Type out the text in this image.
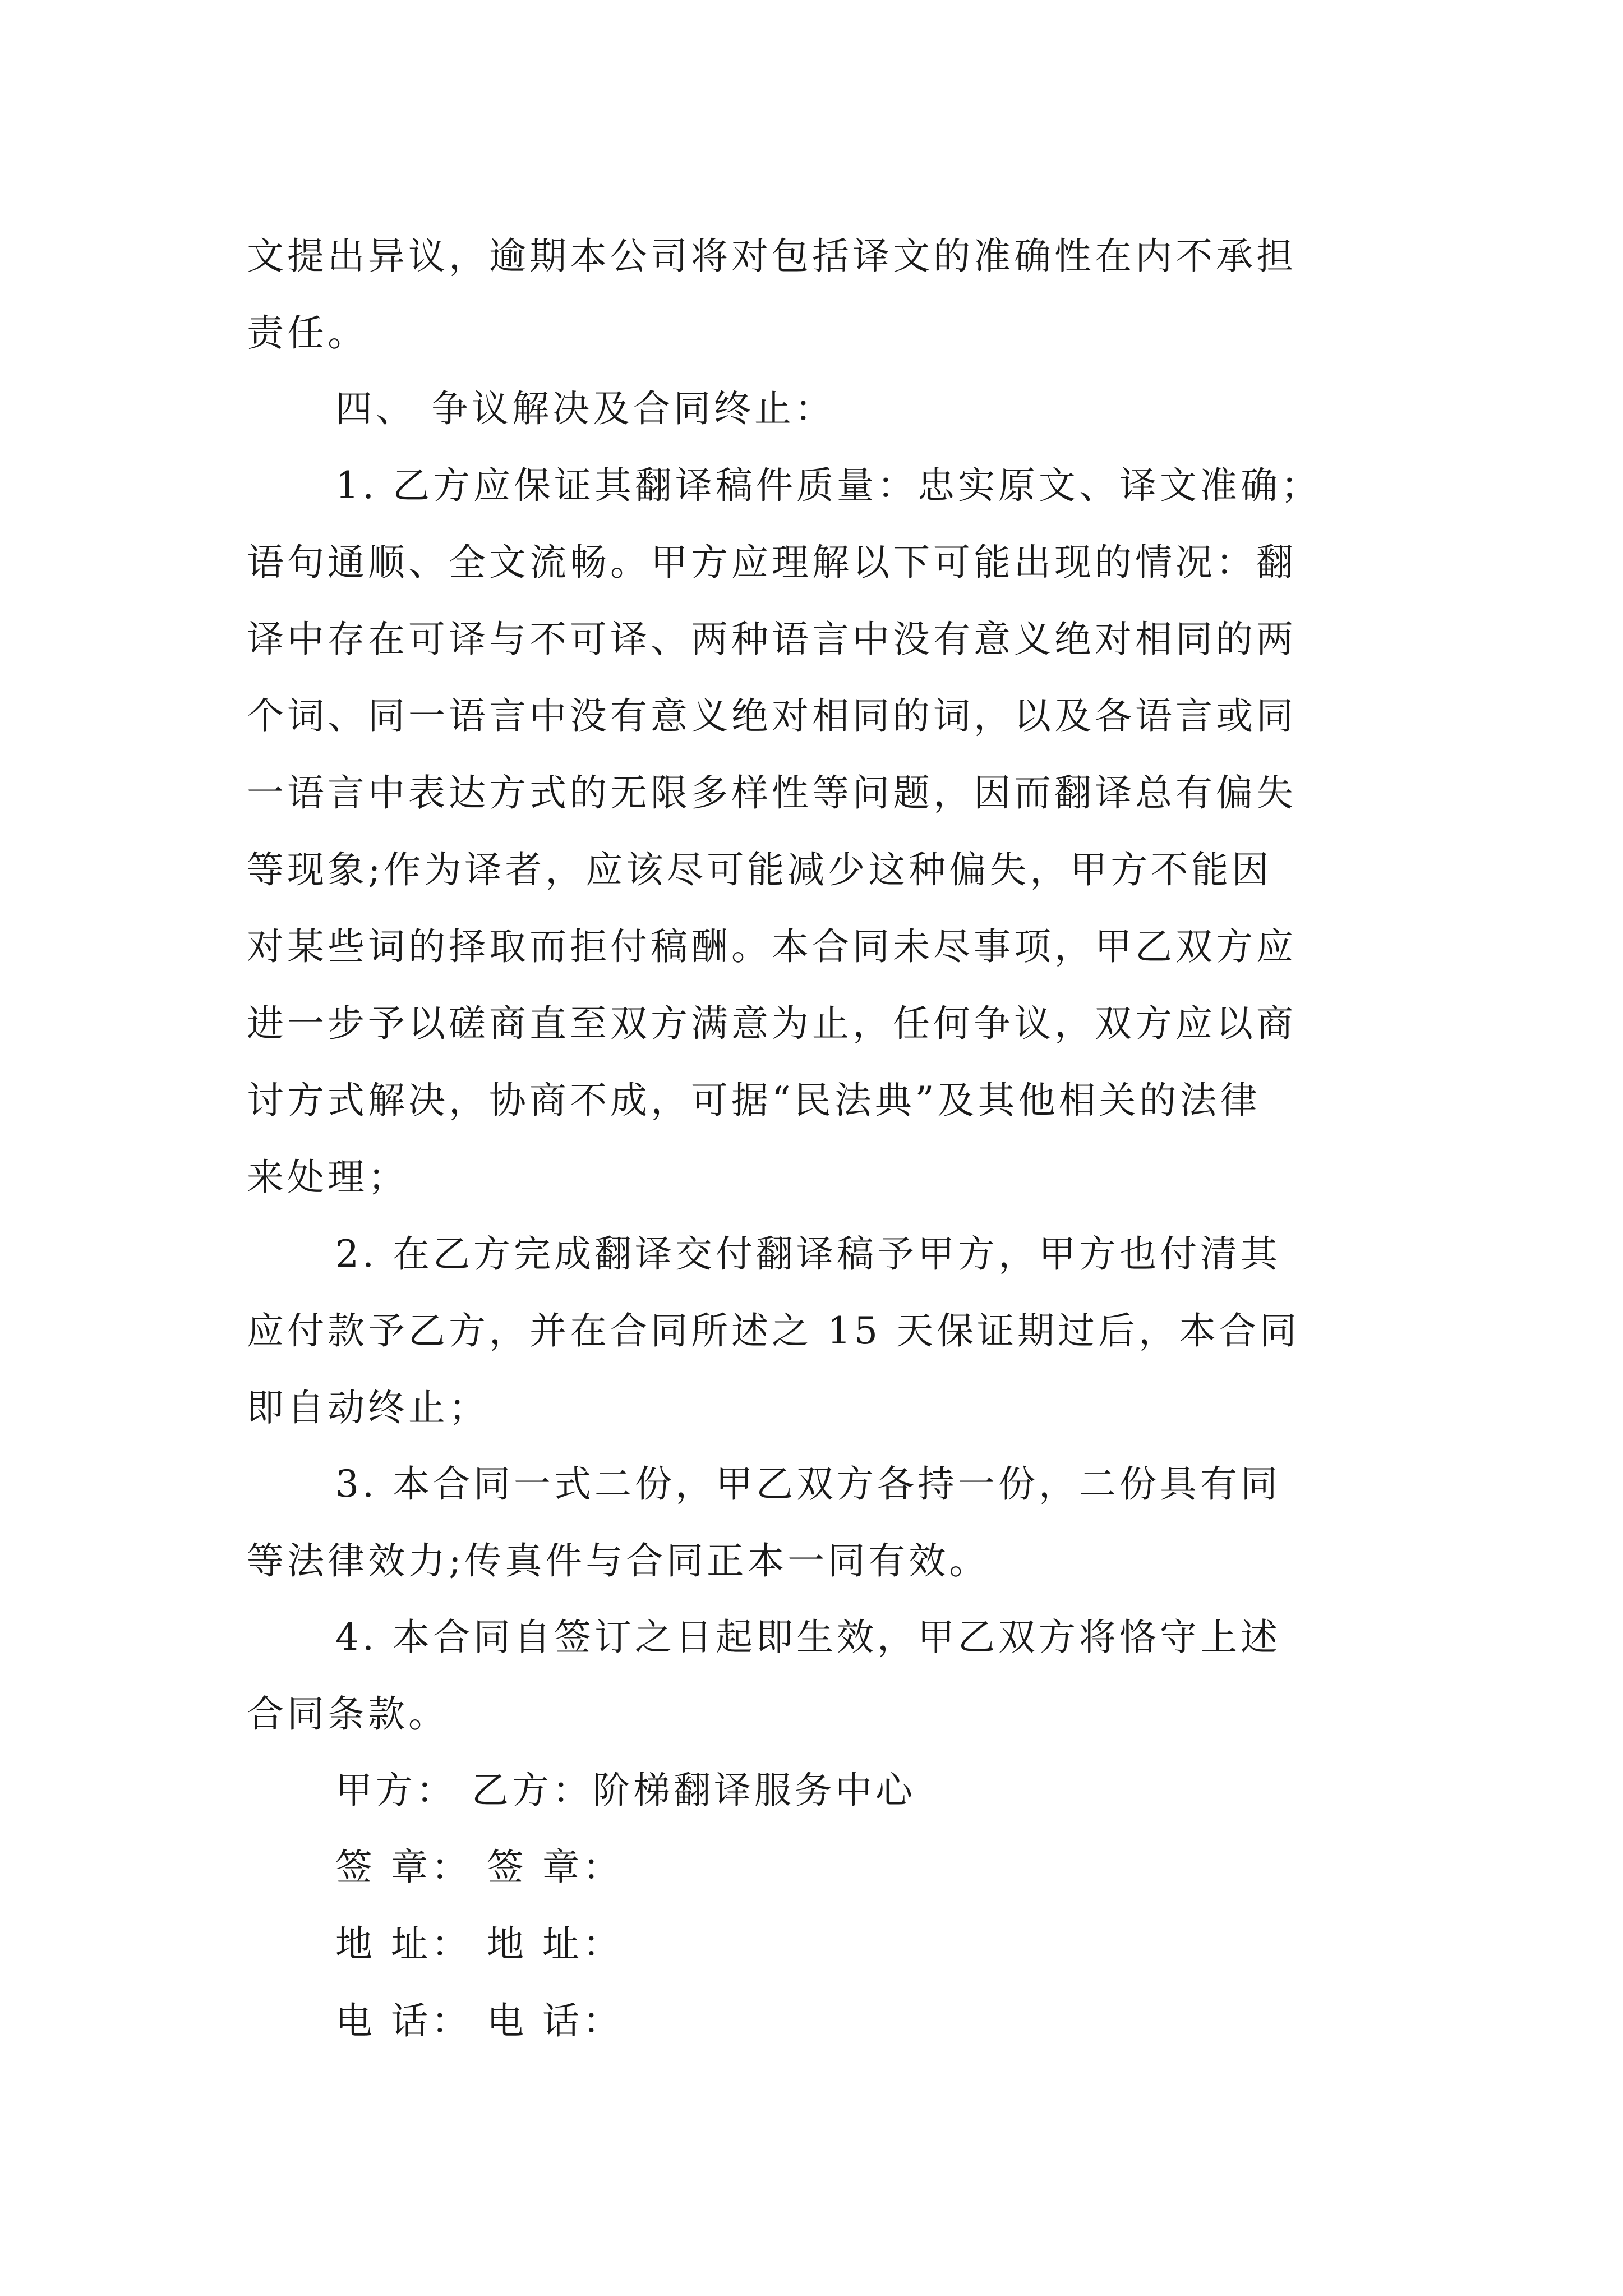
文提出异议，逾期本公司将对包括译文的准确性在内不承担
责任。
四、 争议解决及合同终止：
1. 乙方应保证其翻译稿件质量：忠实原文、译文准确；
语句通顺、全文流畅。甲方应理解以下可能出现的情况：翻
译中存在可译与不可译、两种语言中没有意义绝对相同的两
个词、同一语言中没有意义绝对相同的词，以及各语言或同
一语言中表达方式的无限多样性等问题，因而翻译总有偏失
等现象;作为译者，应该尽可能减少这种偏失，甲方不能因
对某些词的择取而拒付稿酬。本合同未尽事项，甲乙双方应
进一步予以磋商直至双方满意为止，任何争议，双方应以商
讨方式解决，协商不成，可据“民法典”及其他相关的法律
来处理；
2. 在乙方完成翻译交付翻译稿予甲方，甲方也付清其
应付款予乙方，并在合同所述之 15 天保证期过后，本合同
即自动终止；
3. 本合同一式二份，甲乙双方各持一份，二份具有同
等法律效力;传真件与合同正本一同有效。
4. 本合同自签订之日起即生效，甲乙双方将恪守上述
合同条款。
甲方： 乙方：阶梯翻译服务中心
签 章： 签 章：
地 址： 地 址：
电 话： 电 话：
